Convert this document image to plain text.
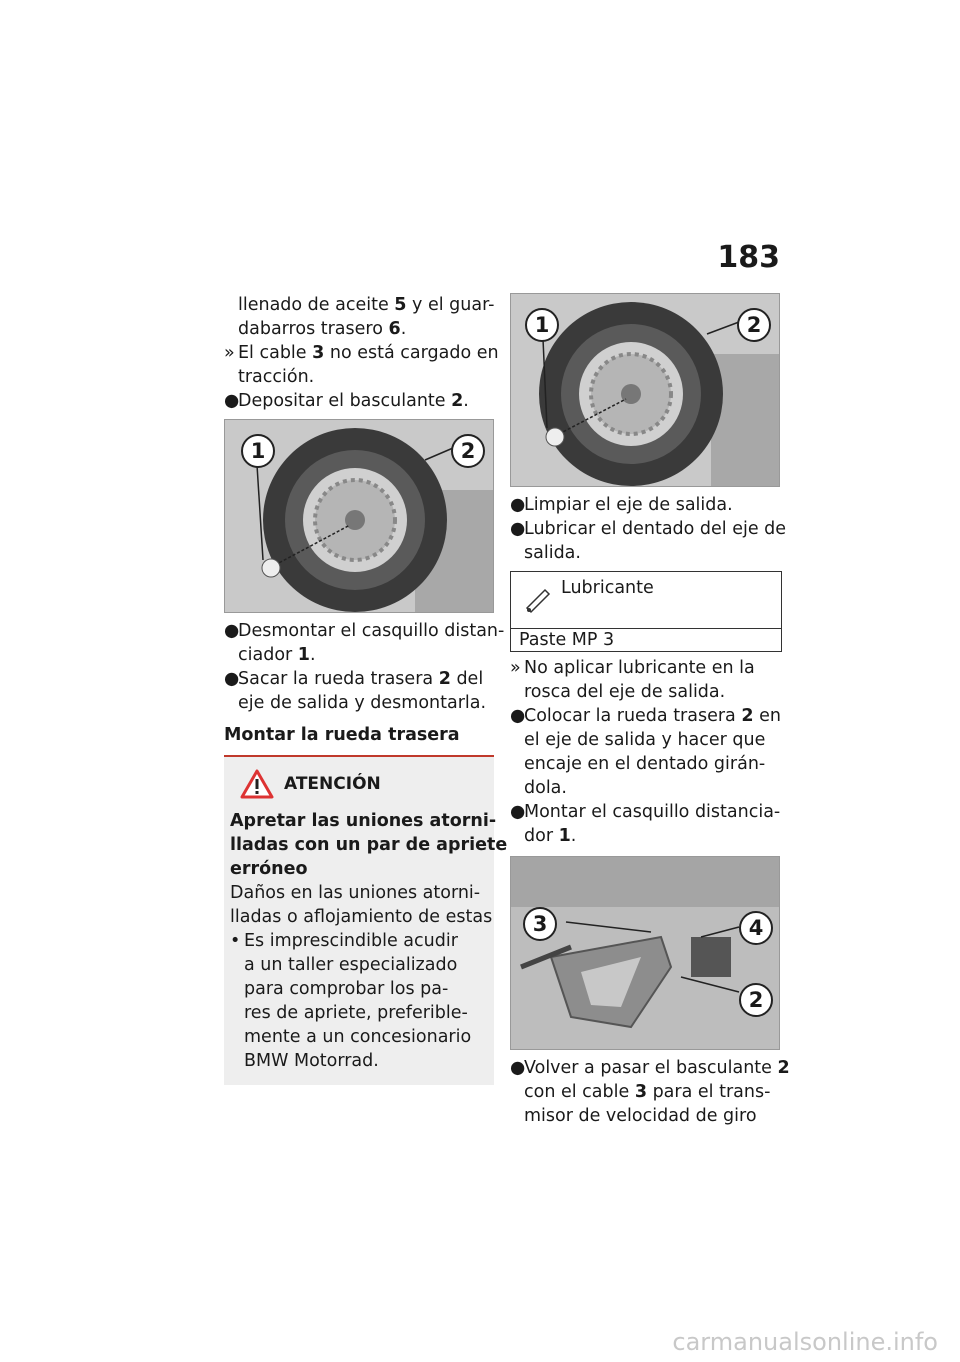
183
llenado de aceite 5 y el guar-
dabarros trasero 6.
» El cable 3 no está cargado en
tracción.
●
Depositar el basculante 2.
1	2
●
Desmontar el casquillo distan-
ciador 1.
●
Sacar la rueda trasera 2 del
eje de salida y desmontarla.
Montar la rueda trasera
ATENCIÓN
Apretar las uniones atorni-
lladas con un par de apriete
erróneo
Daños en las uniones atorni-
lladas o aflojamiento de estas
• Es imprescindible acudir
a un taller especializado
para comprobar los pa-
res de apriete, preferible-
mente a un concesionario
BMW Motorrad.
1	2
●
Limpiar el eje de salida.
●
Lubricar el dentado del eje de
salida.
Lubricante
Paste MP 3
» No aplicar lubricante en la
rosca del eje de salida.
●
Colocar la rueda trasera 2 en
el eje de salida y hacer que
encaje en el dentado girán-
dola.
●
Montar el casquillo distancia-
dor 1.
3	4
2
●
Volver a pasar el basculante 2
con el cable 3 para el trans-
misor de velocidad de giro
carmanualsonline.info
